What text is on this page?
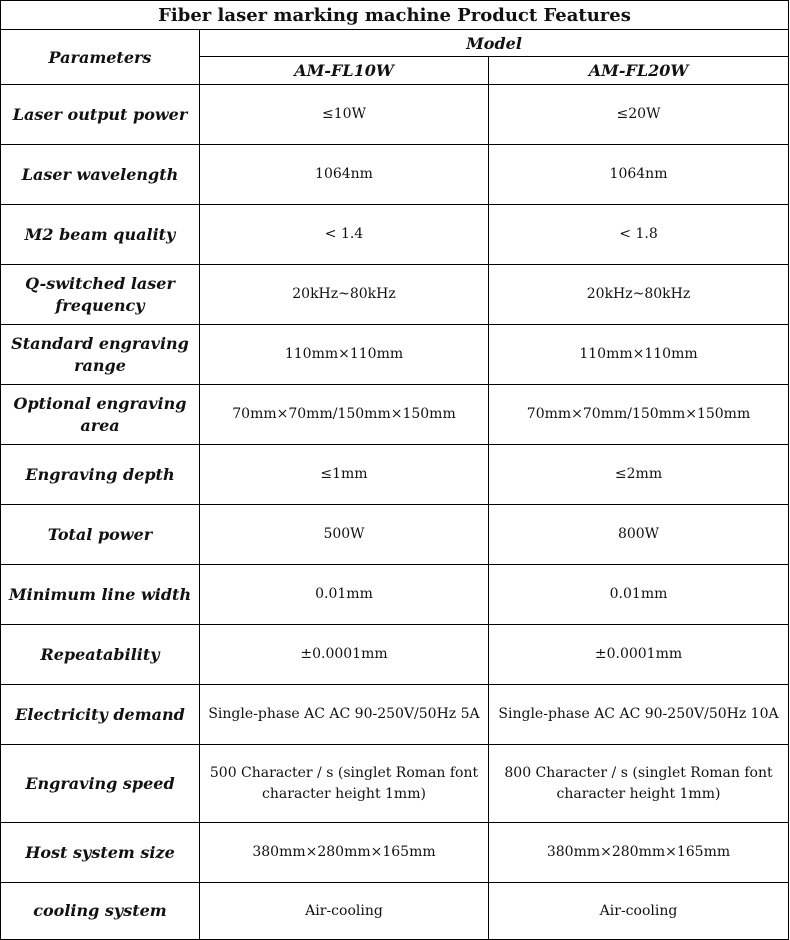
Fiber laser marking machine Product Features		
Parameters	Model	
	AM-FL10W	AM-FL20W
Laser output power	≤10W	≤20W
Laser wavelength	1064nm	1064nm
M2 beam quality	< 1.4	< 1.8
Q-switched laser frequency	20kHz~80kHz	20kHz~80kHz
Standard engraving range	110mm×110mm	110mm×110mm
Optional engraving area	70mm×70mm/150mm×150mm	70mm×70mm/150mm×150mm
Engraving depth	≤1mm	≤2mm
Total power	500W	800W
Minimum line width	0.01mm	0.01mm
Repeatability	±0.0001mm	±0.0001mm
Electricity demand	Single-phase AC AC 90-250V/50Hz 5A	Single-phase AC AC 90-250V/50Hz 10A
Engraving speed	500 Character / s (singlet Roman font character height 1mm)	800 Character / s (singlet Roman font character height 1mm)
Host system size	380mm×280mm×165mm	380mm×280mm×165mm
cooling system	Air-cooling	Air-cooling
